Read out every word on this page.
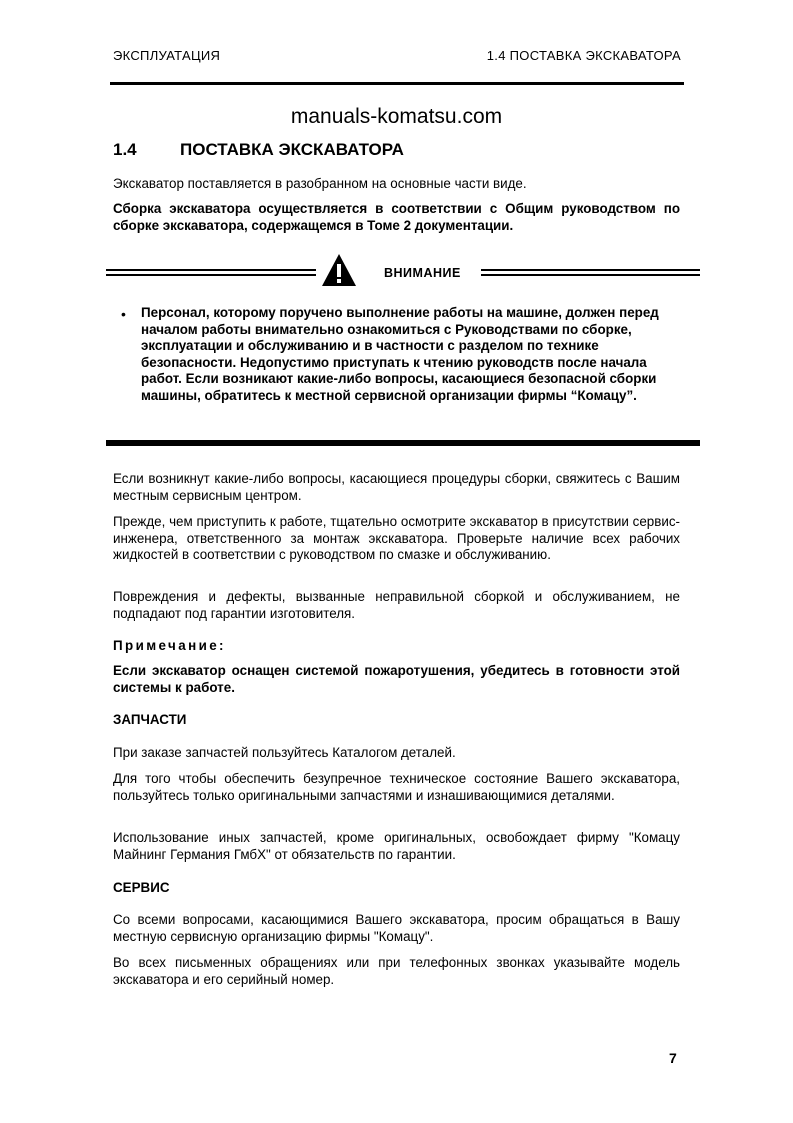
ЭКСПЛУАТАЦИЯ	1.4 ПОСТАВКА ЭКСКАВАТОРА
manuals-komatsu.com
1.4	ПОСТАВКА ЭКСКАВАТОРА
Экскаватор поставляется в разобранном на основные части виде.
Сборка экскаватора осуществляется в соответствии с Общим руководством по сборке экскаватора, содержащемся в Томе 2 документации.
ВНИМАНИЕ
• Персонал, которому поручено выполнение работы на машине, должен перед началом работы внимательно ознакомиться с Руководствами по сборке, эксплуатации и обслуживанию и в частности с разделом по технике безопасности. Недопустимо приступать к чтению руководств после начала работ. Если возникают какие-либо вопросы, касающиеся безопасной сборки машины, обратитесь к местной сервисной организации фирмы “Комацу”.
Если возникнут какие-либо вопросы, касающиеся процедуры сборки, свяжитесь с Вашим местным сервисным центром.
Прежде, чем приступить к работе, тщательно осмотрите экскаватор в присутствии сервис-инженера, ответственного за монтаж экскаватора. Проверьте наличие всех рабочих жидкостей в соответствии с руководством по смазке и обслуживанию.
Повреждения и дефекты, вызванные неправильной сборкой и обслуживанием, не подпадают под гарантии изготовителя.
Примечание:
Если экскаватор оснащен системой пожаротушения, убедитесь в готовности этой системы к работе.
ЗАПЧАСТИ
При заказе запчастей пользуйтесь Каталогом деталей.
Для того чтобы обеспечить безупречное техническое состояние Вашего экскаватора, пользуйтесь только оригинальными запчастями и изнашивающимися деталями.
Использование иных запчастей, кроме оригинальных, освобождает фирму "Комацу Майнинг Германия ГмбХ" от обязательств по гарантии.
СЕРВИС
Со всеми вопросами, касающимися Вашего экскаватора, просим обращаться в Вашу местную сервисную организацию фирмы "Комацу".
Во всех письменных обращениях или при телефонных звонках указывайте модель экскаватора и его серийный номер.
7
